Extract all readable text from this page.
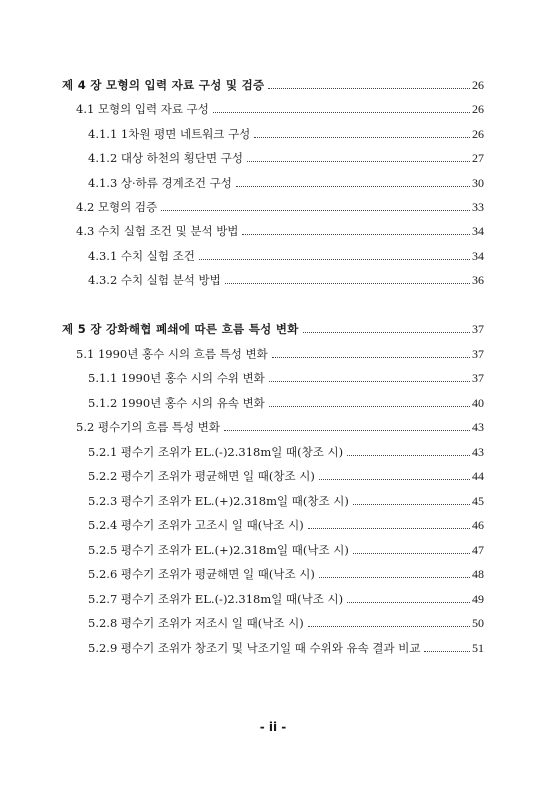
제 4 장 모형의 입력 자료 구성 및 검증	26
4.1 모형의 입력 자료 구성	26
4.1.1 1차원 평면 네트워크 구성	26
4.1.2 대상 하천의 횡단면 구성	27
4.1.3 상·하류 경계조건 구성	30
4.2 모형의 검증	33
4.3 수치 실험 조건 및 분석 방법	34
4.3.1 수치 실험 조건	34
4.3.2 수치 실험 분석 방법	36
제 5 장 강화해협 폐쇄에 따른 흐름 특성 변화	37
5.1 1990년 홍수 시의 흐름 특성 변화	37
5.1.1 1990년 홍수 시의 수위 변화	37
5.1.2 1990년 홍수 시의 유속 변화	40
5.2 평수기의 흐름 특성 변화	43
5.2.1 평수기 조위가 EL.(-)2.318m일 때(창조 시)	43
5.2.2 평수기 조위가 평균해면 일 때(창조 시)	44
5.2.3 평수기 조위가 EL.(+)2.318m일 때(창조 시)	45
5.2.4 평수기 조위가 고조시 일 때(낙조 시)	46
5.2.5 평수기 조위가 EL.(+)2.318m일 때(낙조 시)	47
5.2.6 평수기 조위가 평균해면 일 때(낙조 시)	48
5.2.7 평수기 조위가 EL.(-)2.318m일 때(낙조 시)	49
5.2.8 평수기 조위가 저조시 일 때(낙조 시)	50
5.2.9 평수기 조위가 창조기 및 낙조기일 때 수위와 유속 결과 비교	51
- ii -
